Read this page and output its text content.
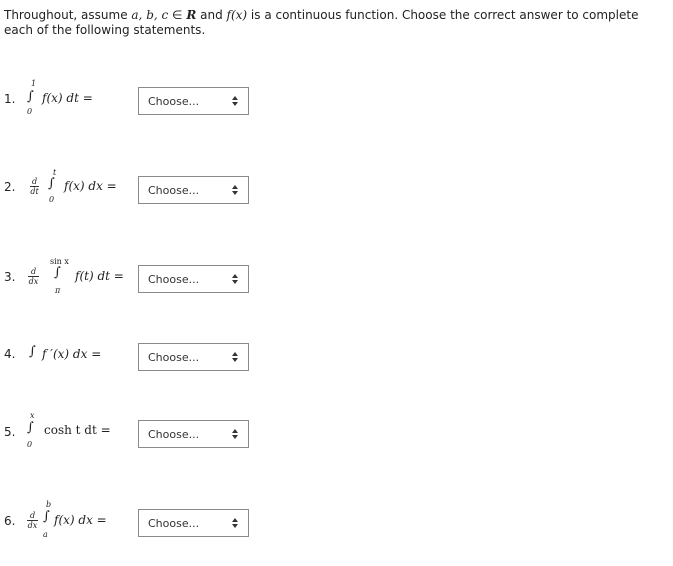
Throughout, assume a, b, c ∈ R and f(x) is a continuous function. Choose the correct answer to complete each of the following statements.
1.
1
∫
0
f(x) dt =	Choose...
2. d
dt
t
∫
0
f(x) dx =	Choose...
3.	d
dx
sin x
∫
π
f(t) dt = Choose...
4. ∫ f ′(x) dx =	Choose...
5.
x
∫
0
cosh t dt =	Choose...
6.	d
dx
b
∫
a
f(x) dx =	Choose...
